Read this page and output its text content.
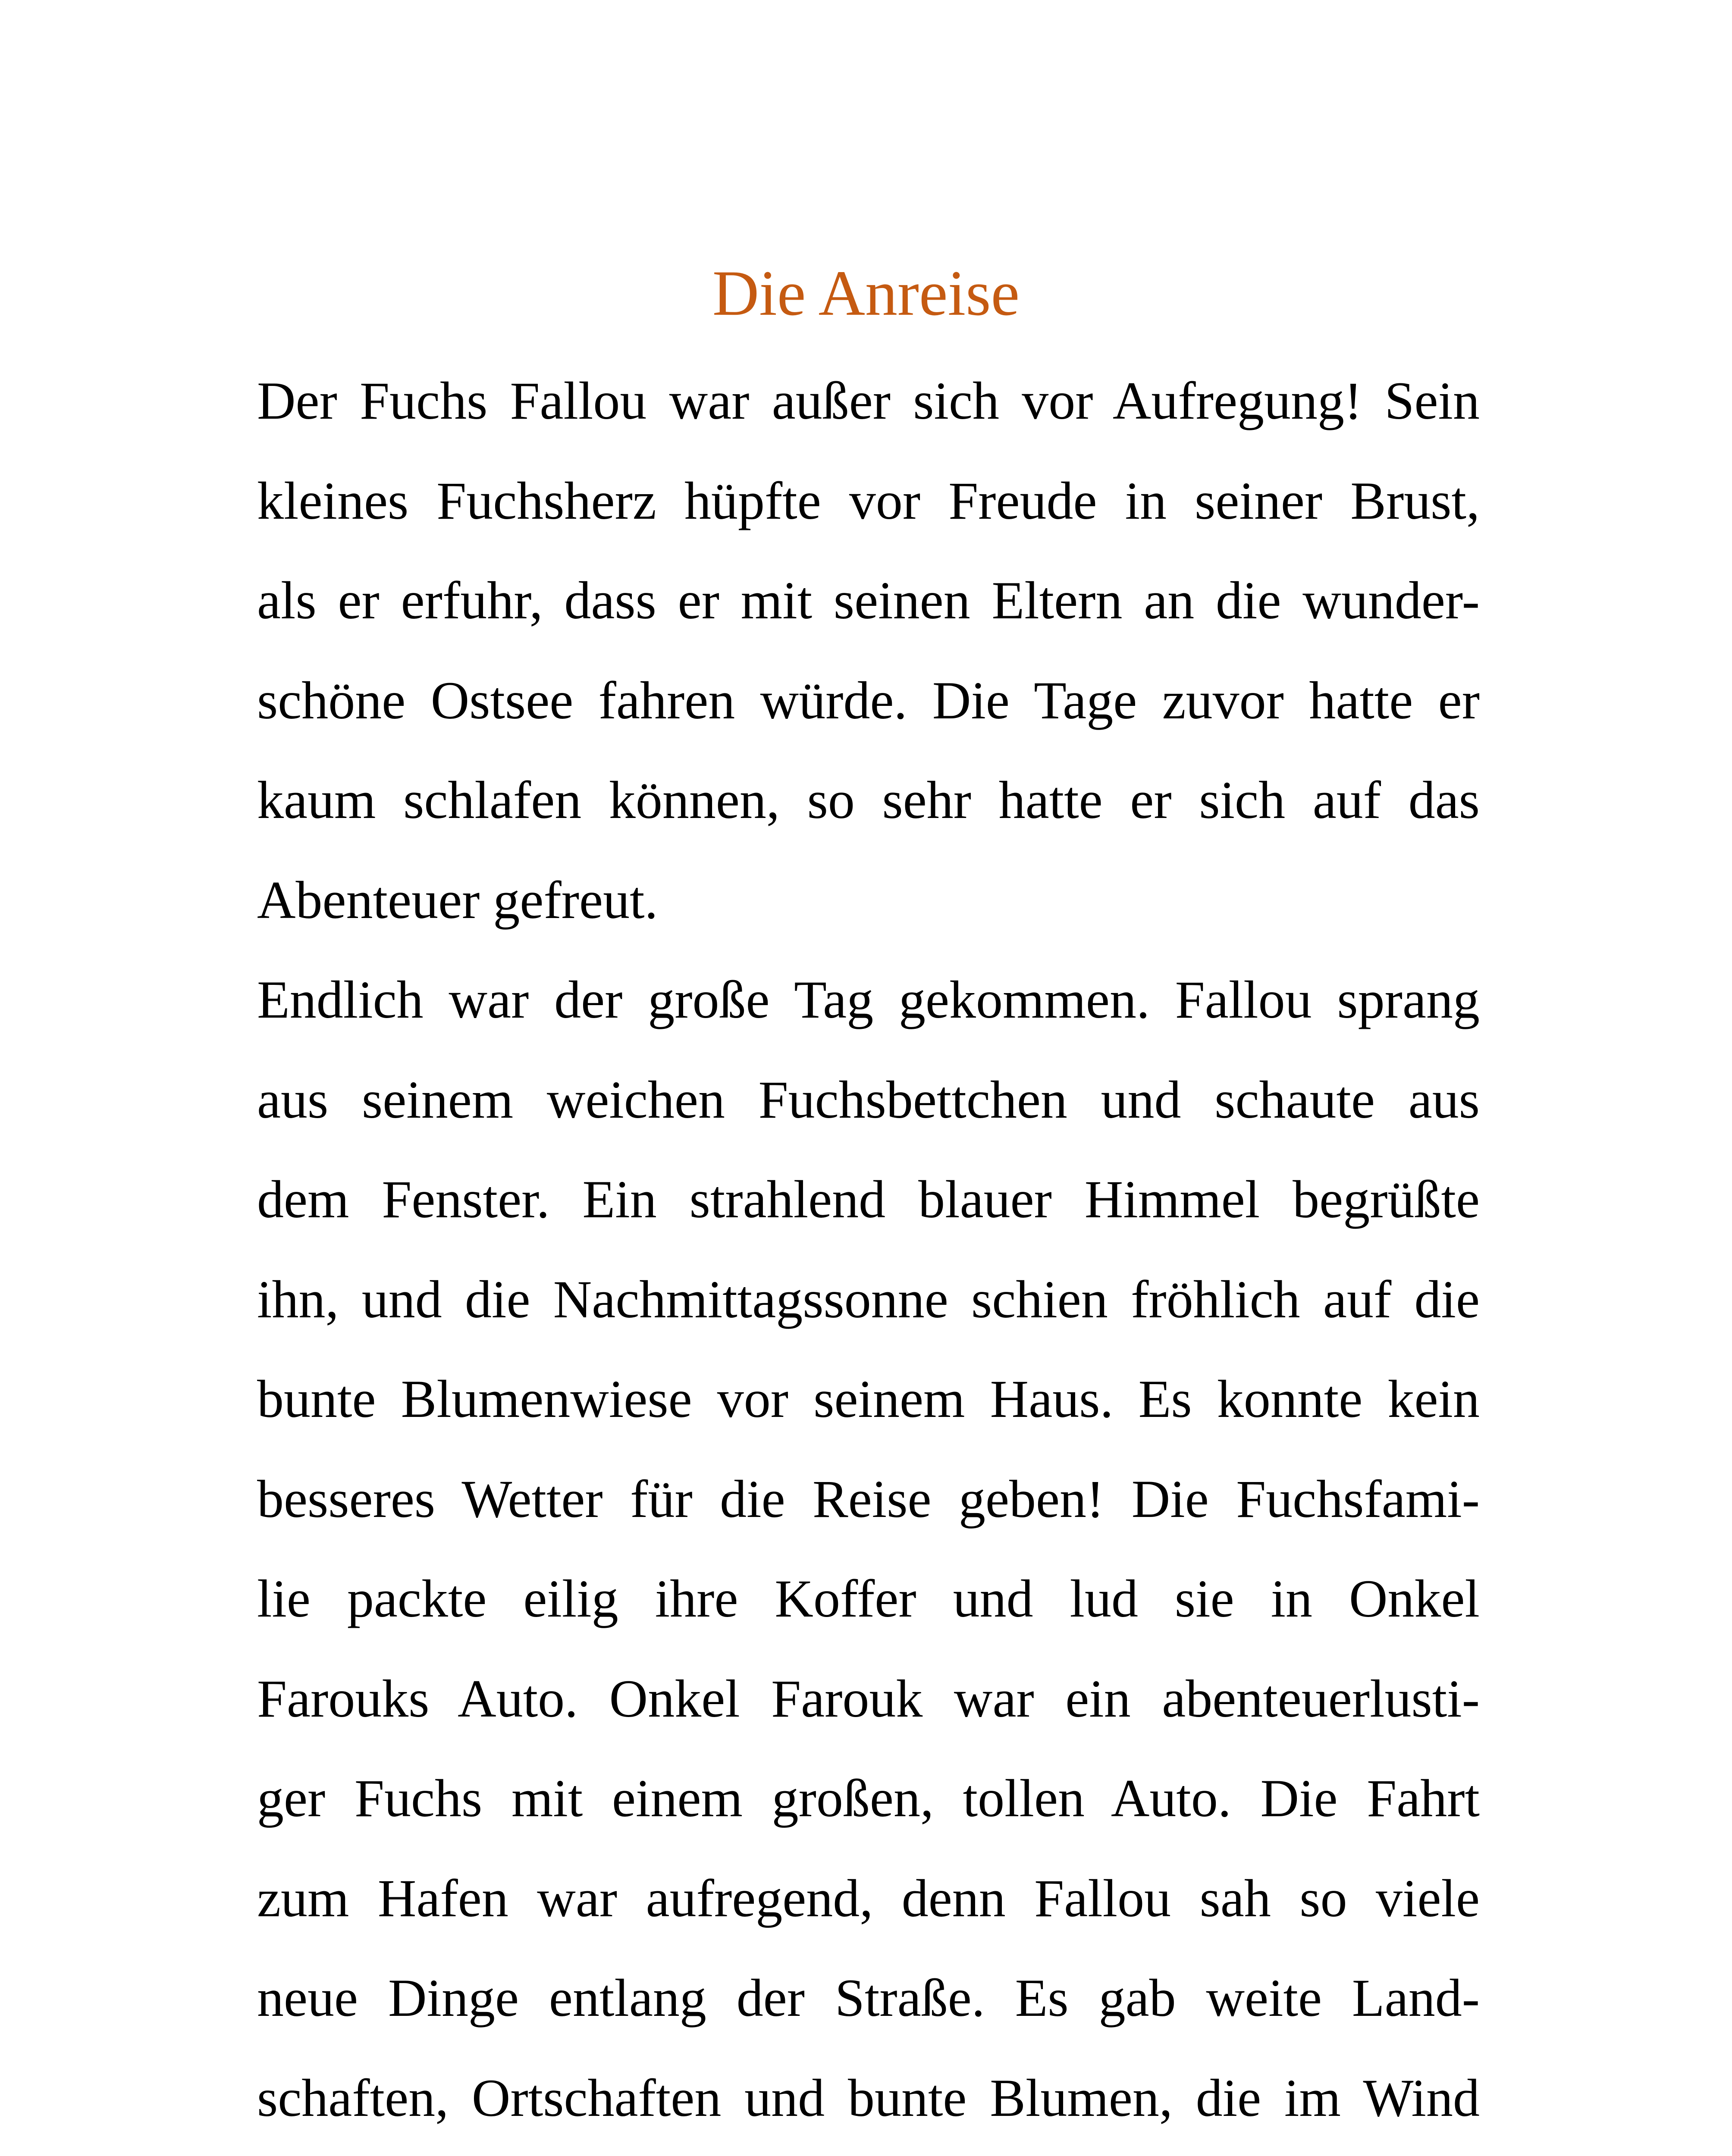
Die Anreise

Der Fuchs Fallou war außer sich vor Aufregung! Sein
kleines Fuchsherz hüpfte vor Freude in seiner Brust,
als er erfuhr, dass er mit seinen Eltern an die wunder-
schöne Ostsee fahren würde. Die Tage zuvor hatte er
kaum schlafen können, so sehr hatte er sich auf das
Abenteuer gefreut.

Endlich war der große Tag gekommen. Fallou sprang
aus seinem weichen Fuchsbettchen und schaute aus
dem Fenster. Ein strahlend blauer Himmel begrüßte
ihn, und die Nachmittagssonne schien fröhlich auf die
bunte Blumenwiese vor seinem Haus. Es konnte kein
besseres Wetter für die Reise geben! Die Fuchsfami-
lie packte eilig ihre Koffer und lud sie in Onkel
Farouks Auto. Onkel Farouk war ein abenteuerlusti-
ger Fuchs mit einem großen, tollen Auto. Die Fahrt
zum Hafen war aufregend, denn Fallou sah so viele
neue Dinge entlang der Straße. Es gab weite Land-
schaften, Ortschaften und bunte Blumen, die im Wind
